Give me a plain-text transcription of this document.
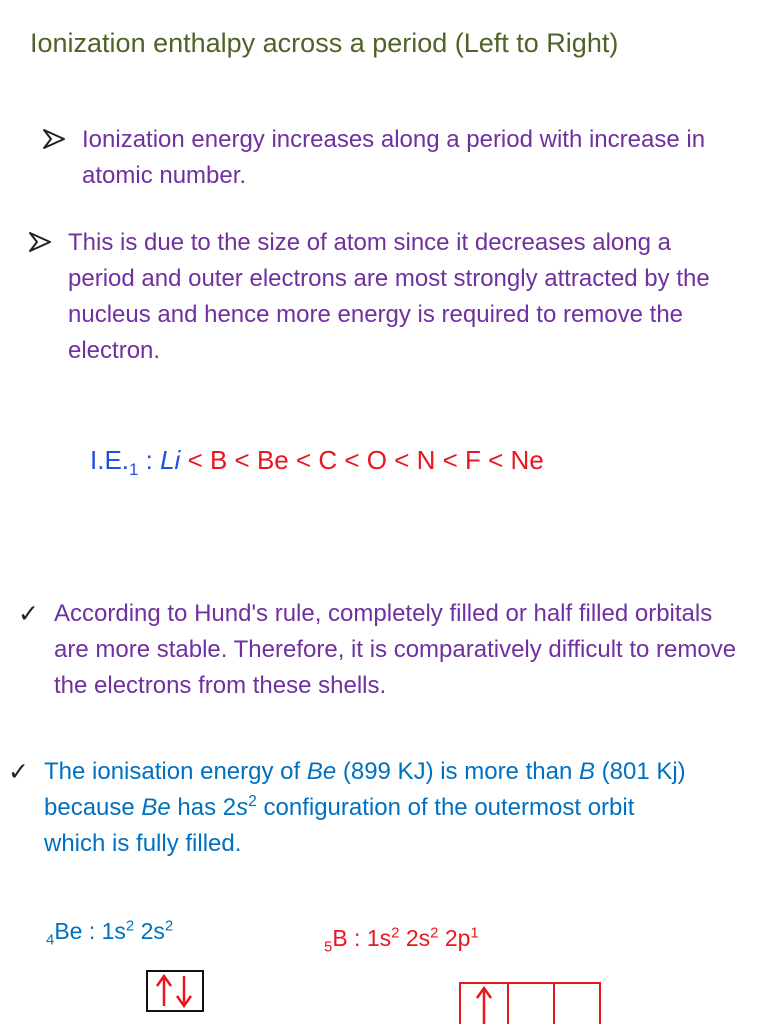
Ionization enthalpy across a period (Left to Right)
Ionization energy increases along a period with increase in atomic number.
This is due to the size of atom since it decreases along a period and outer electrons are most strongly attracted by the nucleus and hence more energy is required to remove the electron.
$I.E._1$ : Li < B < Be < C < O < N < F < Ne
✓ According to Hund's rule, completely filled or half filled orbitals are more stable. Therefore, it is comparatively difficult to remove the electrons from these shells.
✓ The ionisation energy of Be (899 KJ) is more than B (801 Kj) because Be has $2s^2$ configuration of the outermost orbit which is fully filled.
$_4$Be : $1s^2$ $2s^2$
$_5$B : $1s^2$ $2s^2$ $2p^1$
